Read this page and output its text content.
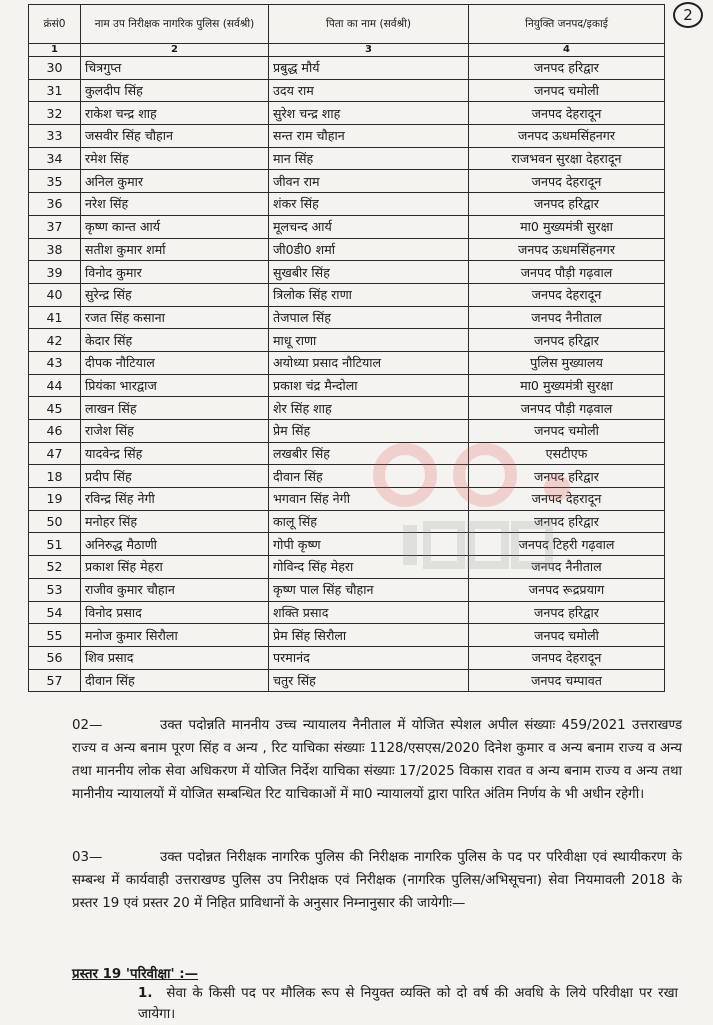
2
क्रंसं0	नाम उप निरीक्षक नागरिक पुलिस (सर्वश्री)	पिता का नाम (सर्वश्री)	नियुक्ति जनपद/इकाई
1	2	3	4
30	चित्रगुप्त	प्रबुद्ध मौर्य	जनपद हरिद्वार
31	कुलदीप सिंह	उदय राम	जनपद चमोली
32	राकेश चन्द्र शाह	सुरेश चन्द्र शाह	जनपद देहरादून
33	जसवीर सिंह चौहान	सन्त राम चौहान	जनपद ऊधमसिंहनगर
34	रमेश सिंह	मान सिंह	राजभवन सुरक्षा देहरादून
35	अनिल कुमार	जीवन राम	जनपद देहरादून
36	नरेश सिंह	शंकर सिंह	जनपद हरिद्वार
37	कृष्ण कान्त आर्य	मूलचन्द आर्य	मा0 मुख्यमंत्री सुरक्षा
38	सतीश कुमार शर्मा	जी0डी0 शर्मा	जनपद ऊधमसिंहनगर
39	विनोद कुमार	सुखबीर सिंह	जनपद पौड़ी गढ़वाल
40	सुरेन्द्र सिंह	त्रिलोक सिंह राणा	जनपद देहरादून
41	रजत सिंह कसाना	तेजपाल सिंह	जनपद नैनीताल
42	केदार सिंह	माधू राणा	जनपद हरिद्वार
43	दीपक नौटियाल	अयोध्या प्रसाद नौटियाल	पुलिस मुख्यालय
44	प्रियंका भारद्वाज	प्रकाश चंद्र मैन्दोला	मा0 मुख्यमंत्री सुरक्षा
45	लाखन सिंह	शेर सिंह शाह	जनपद पौड़ी गढ़वाल
46	राजेश सिंह	प्रेम सिंह	जनपद चमोली
47	यादवेन्द्र सिंह	लखबीर सिंह	एसटीएफ
18	प्रदीप सिंह	दीवान सिंह	जनपद हरिद्वार
19	रविन्द्र सिंह नेगी	भगवान सिंह नेगी	जनपद देहरादून
50	मनोहर सिंह	कालू सिंह	जनपद हरिद्वार
51	अनिरुद्ध मैठाणी	गोपी कृष्ण	जनपद टिहरी गढ़वाल
52	प्रकाश सिंह मेहरा	गोविन्द सिंह मेहरा	जनपद नैनीताल
53	राजीव कुमार चौहान	कृष्ण पाल सिंह चौहान	जनपद रूद्रप्रयाग
54	विनोद प्रसाद	शक्ति प्रसाद	जनपद हरिद्वार
55	मनोज कुमार सिरौला	प्रेम सिंह सिरौला	जनपद चमोली
56	शिव प्रसाद	परमानंद	जनपद देहरादून
57	दीवान सिंह	चतुर सिंह	जनपद चम्पावत
02—	उक्त पदोन्नति माननीय उच्च न्यायालय नैनीताल में योजित स्पेशल अपील संख्याः 459/2021 उत्तराखण्ड राज्य व अन्य बनाम पूरण सिंह व अन्य , रिट याचिका संख्याः 1128/एसएस/2020 दिनेश कुमार व अन्य बनाम राज्य व अन्य तथा माननीय लोक सेवा अधिकरण में योजित निर्देश याचिका संख्याः 17/2025 विकास रावत व अन्य बनाम राज्य व अन्य तथा मानीनीय न्यायालयों में योजित सम्बन्धित रिट याचिकाओं में मा0 न्यायालयों द्वारा पारित अंतिम निर्णय के भी अधीन रहेगी।
03—	उक्त पदोन्नत निरीक्षक नागरिक पुलिस की निरीक्षक नागरिक पुलिस के पद पर परिवीक्षा एवं स्थायीकरण के सम्बन्ध में कार्यवाही उत्तराखण्ड पुलिस उप निरीक्षक एवं निरीक्षक (नागरिक पुलिस/अभिसूचना) सेवा नियमावली 2018 के प्रस्तर 19 एवं प्रस्तर 20 में निहित प्राविधानों के अनुसार निम्नानुसार की जायेगीः—
प्रस्तर 19 'परिवीक्षा' :—
1. सेवा के किसी पद पर मौलिक रूप से नियुक्त व्यक्ति को दो वर्ष की अवधि के लिये परिवीक्षा पर रखा जायेगा।
